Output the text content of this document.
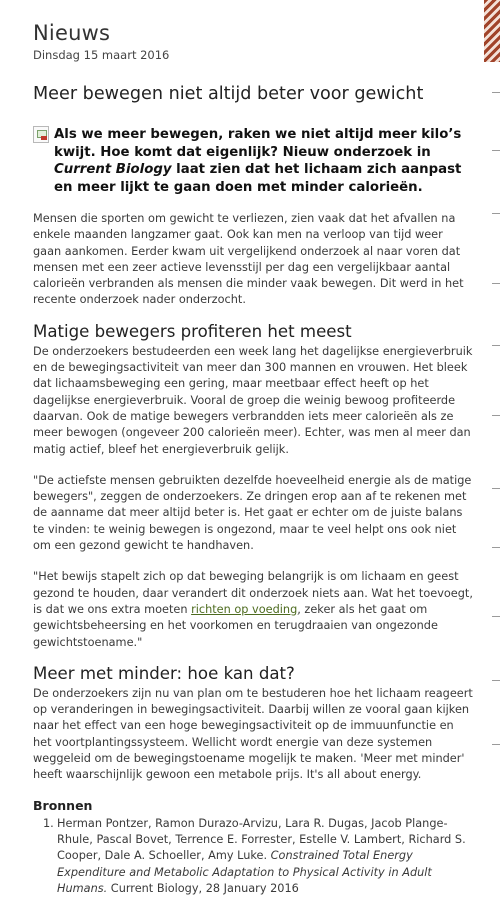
Nieuws
Dinsdag 15 maart 2016
Meer bewegen niet altijd beter voor gewicht
Als we meer bewegen, raken we niet altijd meer kilo’s kwijt. Hoe komt dat eigenlijk? Nieuw onderzoek in Current Biology laat zien dat het lichaam zich aanpast en meer lijkt te gaan doen met minder calorieën.

Mensen die sporten om gewicht te verliezen, zien vaak dat het afvallen na enkele maanden langzamer gaat. Ook kan men na verloop van tijd weer gaan aankomen. Eerder kwam uit vergelijkend onderzoek al naar voren dat mensen met een zeer actieve levensstijl per dag een vergelijkbaar aantal calorieën verbranden als mensen die minder vaak bewegen. Dit werd in het recente onderzoek nader onderzocht.

Matige bewegers profiteren het meest

De onderzoekers bestudeerden een week lang het dagelijkse energieverbruik en de bewegingsactiviteit van meer dan 300 mannen en vrouwen. Het bleek dat lichaamsbeweging een gering, maar meetbaar effect heeft op het dagelijkse energieverbruik. Vooral de groep die weinig bewoog profiteerde daarvan. Ook de matige bewegers verbrandden iets meer calorieën als ze meer bewogen (ongeveer 200 calorieën meer). Echter, was men al meer dan matig actief, bleef het energieverbruik gelijk.

"De actiefste mensen gebruikten dezelfde hoeveelheid energie als de matige bewegers", zeggen de onderzoekers. Ze dringen erop aan af te rekenen met de aanname dat meer altijd beter is. Het gaat er echter om de juiste balans te vinden: te weinig bewegen is ongezond, maar te veel helpt ons ook niet om een gezond gewicht te handhaven.

"Het bewijs stapelt zich op dat beweging belangrijk is om lichaam en geest gezond te houden, daar verandert dit onderzoek niets aan. Wat het toevoegt, is dat we ons extra moeten richten op voeding, zeker als het gaat om gewichtsbeheersing en het voorkomen en terugdraaien van ongezonde gewichtstoename."

Meer met minder: hoe kan dat?

De onderzoekers zijn nu van plan om te bestuderen hoe het lichaam reageert op veranderingen in bewegingsactiviteit. Daarbij willen ze vooral gaan kijken naar het effect van een hoge bewegingsactiviteit op de immuunfunctie en het voortplantingssysteem. Wellicht wordt energie van deze systemen weggeleid om de bewegingstoename mogelijk te maken. 'Meer met minder' heeft waarschijnlijk gewoon een metabole prijs. It's all about energy.

Bronnen
1. Herman Pontzer, Ramon Durazo-Arvizu, Lara R. Dugas, Jacob Plange-Rhule, Pascal Bovet, Terrence E. Forrester, Estelle V. Lambert, Richard S. Cooper, Dale A. Schoeller, Amy Luke. Constrained Total Energy Expenditure and Metabolic Adaptation to Physical Activity in Adult Humans. Current Biology, 28 January 2016
